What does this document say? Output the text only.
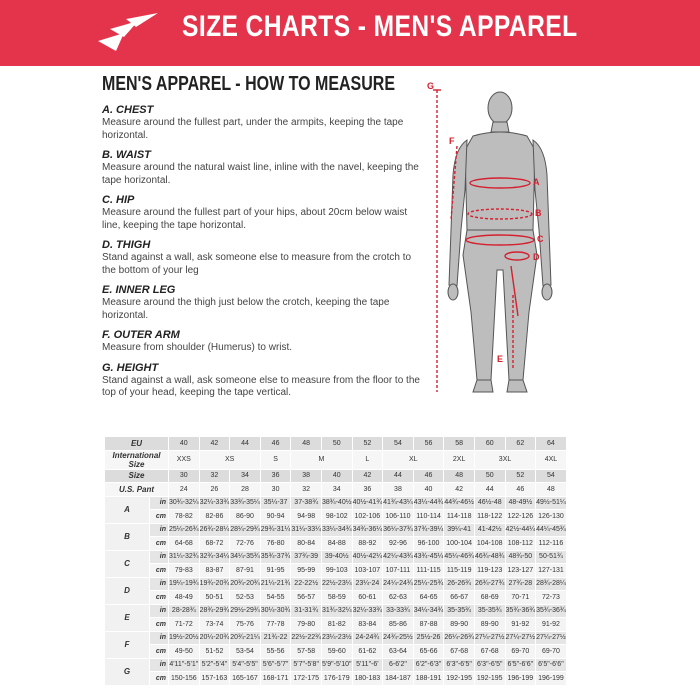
SIZE CHARTS - MEN'S APPAREL
MEN'S APPAREL - HOW TO MEASURE
A. CHEST
Measure around the fullest part, under the armpits, keeping the tape horizontal.
B. WAIST
Measure around the natural waist line, inline with the navel, keeping the tape horizontal.
C. HIP
Measure around the fullest part of your hips, about 20cm below waist line, keeping the tape horizontal.
D. THIGH
Stand against a wall, ask someone else to measure from the crotch to the bottom of your leg
E. INNER LEG
Measure around the thigh just below the crotch, keeping the tape horizontal.
F. OUTER ARM
Measure from shoulder (Humerus) to wrist.
G. HEIGHT
Stand against a wall, ask someone else to measure from the floor to the top of your head, keeping the tape vertical.
G
F
A
B
C
D
E
EU		40	42	44	46	48	50	52	54	56	58	60	62	64
International Size		XXS	XS		S	M		L	XL		2XL	3XL		4XL
Size		30	32	34	36	38	40	42	44	46	48	50	52	54
U.S. Pant		24	26	28	30	32	34	36	38	40	42	44	46	48
A	in	30¾-32¼	32¼-33¾	33¾-35¼	35¼-37	37-38¾	38¾-40½	40½-41¾	41¾-43¼	43¼-44¾	44¾-46½	46½-48	48-49½	49½-51¼
	cm	78-82	82-86	86-90	90-94	94-98	98-102	102-106	106-110	110-114	114-118	118-122	122-126	126-130
B	in	25¼-26¾	26¾-28¼	28¼-29¾	29¾-31¼	31¼-33¼	33¼-34¾	34¾-36¼	36¼-37¾	37¾-39¼	39¼-41	41-42½	42½-44¼	44¼-45¾
	cm	64-68	68-72	72-76	76-80	80-84	84-88	88-92	92-96	96-100	100-104	104-108	108-112	112-116
C	in	31¼-32¾	32¾-34¼	34¼-35¾	35¾-37¾	37¾-39	39-40½	40½-42¼	42¼-43¾	43¾-45¼	45¼-46¾	46¾-48¾	48¾-50	50-51¾
	cm	79-83	83-87	87-91	91-95	95-99	99-103	103-107	107-111	111-115	115-119	119-123	123-127	127-131
D	in	19¼-19¾	19¾-20¾	20¾-20¾	21¼-21¾	22-22½	22½-23¼	23¼-24	24¼-24¾	25¼-25¾	26-26¾	26¾-27¾	27¾-28	28¾-28¼
	cm	48-49	50-51	52-53	54-55	56-57	58-59	60-61	62-63	64-65	66-67	68-69	70-71	72-73
E	in	28-28¾	28¾-29¾	29½-29¾	30¼-30¾	31-31¾	31¾-32¼	32¼-33¾	33-33¾	34¼-34¾	35-35¾	35-35¾	35¾-36¾	35¾-36¾
	cm	71-72	73-74	75-76	77-78	79-80	81-82	83-84	85-86	87-88	89-90	89-90	91-92	91-92
F	in	19½-20½	20¼-20¾	20¾-21¼	21¾-22	22½-22¾	23¼-23½	24-24¾	24¾-25½	25½-26	26¼-26¾	27¼-27½	27¼-27½	27¼-27½
	cm	49-50	51-52	53-54	55-56	57-58	59-60	61-62	63-64	65-66	67-68	67-68	69-70	69-70
G	in	4'11"-5'1"	5'2"-5'4"	5'4"-5'5"	5'6"-5'7"	5'7"-5'8"	5'9"-5'10"	5'11"-6'	6-6'2"	6'2"-6'3"	6'3"-6'5"	6'3"-6'5"	6'5"-6'6"	6'5"-6'6"
	cm	150-156	157-163	165-167	168-171	172-175	176-179	180-183	184-187	188-191	192-195	192-195	196-199	196-199
